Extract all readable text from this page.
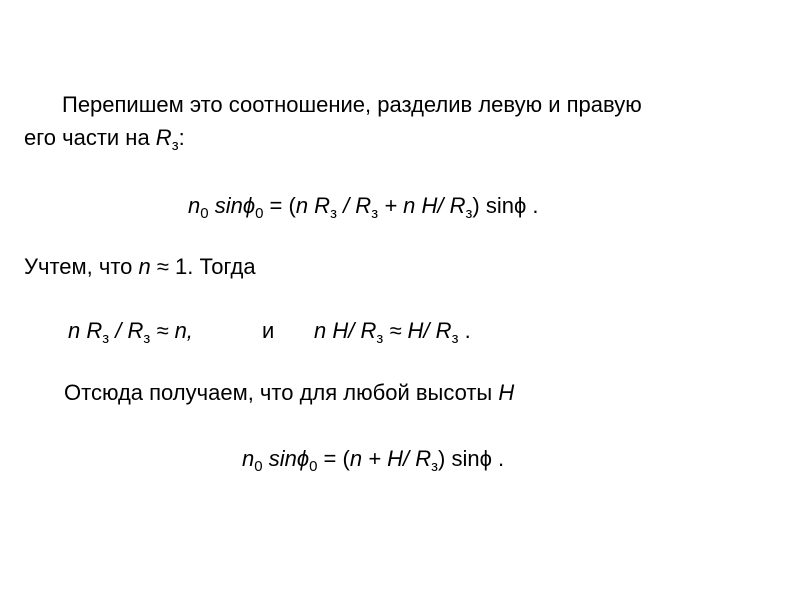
Перепишем это соотношение, разделив левую и правую
его части на $R_з$:
$n_0$ sinϕ$_0$ = (n $R_з / R_з + n$ H/ $R_з$) sinϕ .
Учтем, что n ≈ 1. Тогда
n $R_з / R_з \approx n$,	и n H/ $R_з \approx H/$ $R_з$ .
Отсюда получаем, что для любой высоты H
$n_0$ sinϕ$_0$ = (n + H/ $R_з$) sinϕ .
